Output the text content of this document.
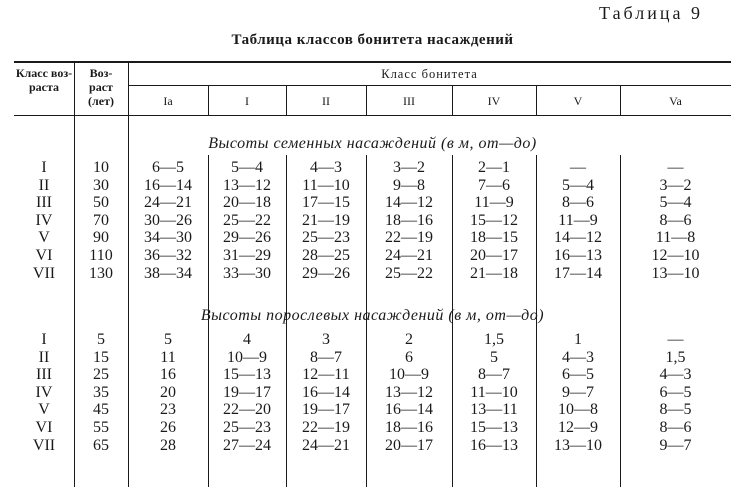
Таблица 9
Таблица классов бонитета насаждений
Класс воз-раста
Воз-раст (лет)
Класс бонитета
Ia	I	II	III	IV	V	Va
Высоты семенных насаждений (в м, от—до)
Высоты порослевых насаждений (в м, от—до)
I	10	6—5	5—4	4—3	3—2	2—1	—	—
II	30	16—14	13—12	11—10	9—8	7—6	5—4	3—2
III	50	24—21	20—18	17—15	14—12	11—9	8—6	5—4
IV	70	30—26	25—22	21—19	18—16	15—12	11—9	8—6
V	90	34—30	29—26	25—23	22—19	18—15	14—12	11—8
VI	110	36—32	31—29	28—25	24—21	20—17	16—13	12—10
VII	130	38—34	33—30	29—26	25—22	21—18	17—14	13—10
I	5	5	4	3	2	1,5	1	—
II	15	11	10—9	8—7	6	5	4—3	1,5
III	25	16	15—13	12—11	10—9	8—7	6—5	4—3
IV	35	20	19—17	16—14	13—12	11—10	9—7	6—5
V	45	23	22—20	19—17	16—14	13—11	10—8	8—5
VI	55	26	25—23	22—19	18—16	15—13	12—9	8—6
VII	65	28	27—24	24—21	20—17	16—13	13—10	9—7
